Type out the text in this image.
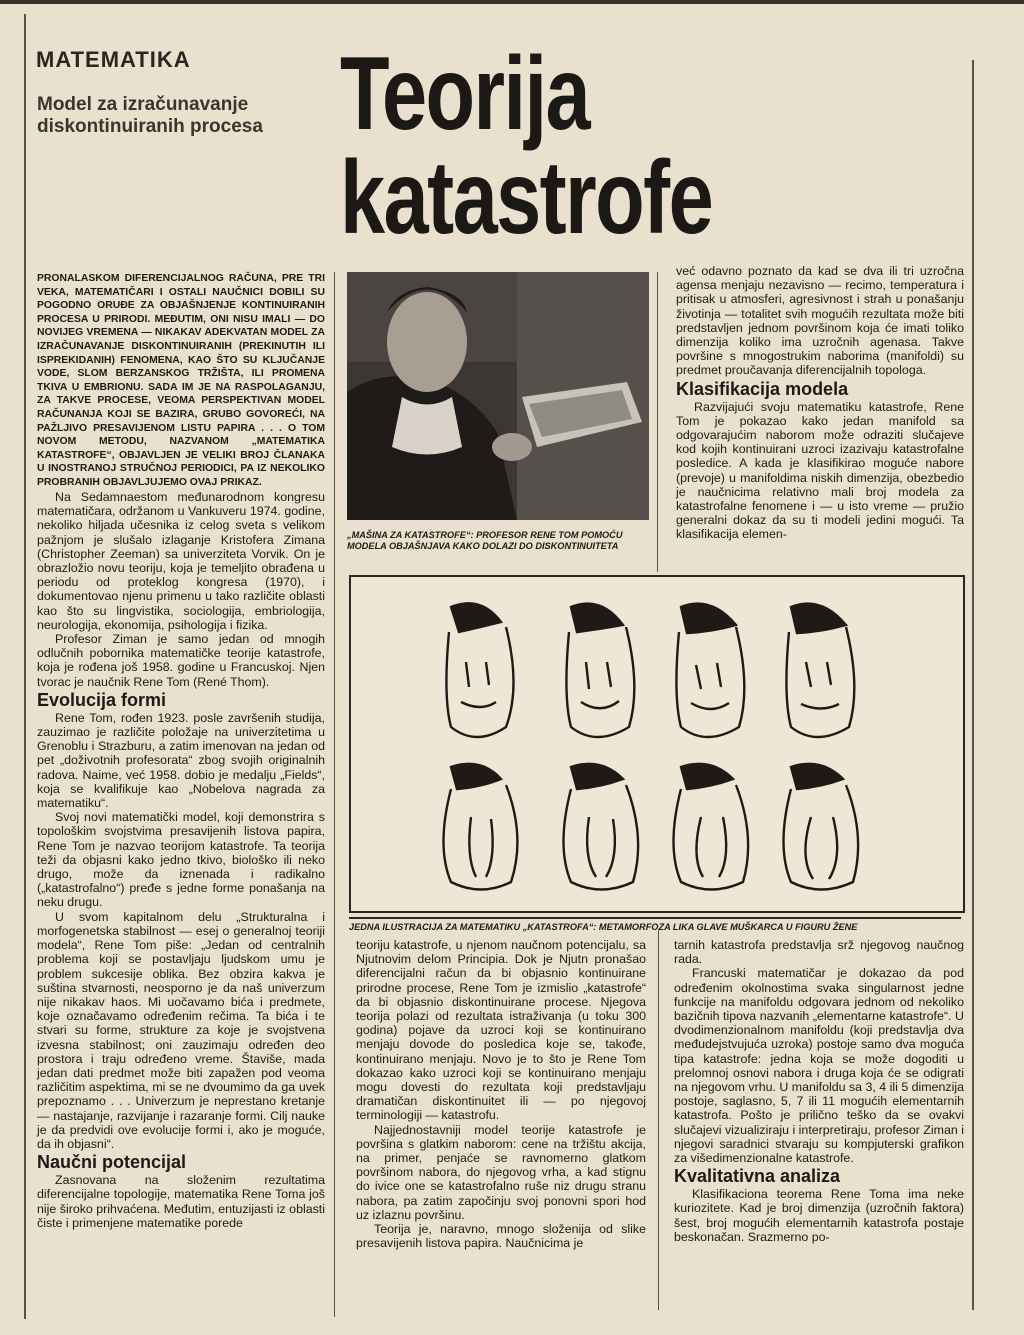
MATEMATIKA
Model za izračunavanje diskontinuiranih procesa Teorija
katastrofe
PRONALASKOM DIFERENCIJALNOG RAČUNA, PRE TRI VEKA, MATEMATIČARI I OSTALI NAUČNICI DOBILI SU POGODNO ORUĐE ZA OBJAŠNJENJE KONTINUIRANIH PROCESA U PRIRODI. MEĐUTIM, ONI NISU IMALI — DO NOVIJEG VREMENA — NIKAKAV ADEKVATAN MODEL ZA IZRAČUNAVANJE DISKONTINUIRANIH (PREKINUTIH ILI ISPREKIDANIH) FENOMENA, KAO ŠTO SU KLJUČANJE VODE, SLOM BERZANSKOG TRŽIŠTA, ILI PROMENA TKIVA U EMBRIONU. SADA IM JE NA RASPOLAGANJU, ZA TAKVE PROCESE, VEOMA PERSPEKTIVAN MODEL RAČUNANJA KOJI SE BAZIRA, GRUBO GOVOREĆI, NA PAŽLJIVO PRESAVIJENOM LISTU PAPIRA . . . O TOM NOVOM METODU, NAZVANOM „MATEMATIKA KATASTROFE“, OBJAVLJEN JE VELIKI BROJ ČLANAKA U INOSTRANOJ STRUČNOJ PERIODICI, PA IZ NEKOLIKO PROBRANIH OBJAVLJUJEMO OVAJ PRIKAZ.

Na Sedamnaestom međunarodnom kongresu matematičara, održanom u Vankuveru 1974. godine, nekoliko hiljada učesnika iz celog sveta s velikom pažnjom je slušalo izlaganje Kristofera Zimana (Christopher Zeeman) sa univerziteta Vorvik. On je obrazložio novu teoriju, koja je temeljito obrađena u periodu od proteklog kongresa (1970), i dokumentovao njenu primenu u tako različite oblasti kao što su lingvistika, sociologija, embriologija, neurologija, ekonomija, psihologija i fizika.

Profesor Ziman je samo jedan od mnogih odlučnih pobornika matematičke teorije katastrofe, koja je rođena još 1958. godine u Francuskoj. Njen tvorac je naučnik Rene Tom (René Thom).

Evolucija formi

Rene Tom, rođen 1923. posle završenih studija, zauzimao je različite položaje na univerzitetima u Grenoblu i Strazburu, a zatim imenovan na jedan od pet „doživotnih profesorata“ zbog svojih originalnih radova. Naime, već 1958. dobio je medalju „Fields“, koja se kvalifikuje kao „Nobelova nagrada za matematiku“.

Svoj novi matematički model, koji demonstrira s topološkim svojstvima presavijenih listova papira, Rene Tom je nazvao teorijom katastrofe. Ta teorija teži da objasni kako jedno tkivo, biološko ili neko drugo, može da iznenada i radikalno („katastrofalno“) pređe s jedne forme ponašanja na neku drugu.

U svom kapitalnom delu „Strukturalna i morfogenetska stabilnost — esej o generalnoj teoriji modela“, Rene Tom piše: „Jedan od centralnih problema koji se postavljaju ljudskom umu je problem sukcesije oblika. Bez obzira kakva je suština stvarnosti, neosporno je da naš univerzum nije nikakav haos. Mi uočavamo bića i predmete, koje označavamo određenim rečima. Ta bića i te stvari su forme, strukture za koje je svojstvena izvesna stabilnost; oni zauzimaju određen deo prostora i traju određeno vreme. Štaviše, mada jedan dati predmet može biti zapažen pod veoma različitim aspektima, mi se ne dvoumimo da ga uvek prepoznamo . . . Univerzum je neprestano kretanje — nastajanje, razvijanje i razaranje formi. Cilj nauke je da predvidi ove evolucije formi i, ako je moguće, da ih objasni“.

Naučni potencijal

Zasnovana na složenim rezultatima diferencijalne topologije, matematika Rene Toma još nije široko prihvaćena. Međutim, entuzijasti iz oblasti čiste i primenjene matematike porede

„MAŠINA ZA KATASTROFE“: PROFESOR RENE TOM POMOĆU MODELA OBJAŠNJAVA KAKO DOLAZI DO DISKONTINUITETA

već odavno poznato da kad se dva ili tri uzročna agensa menjaju nezavisno — recimo, temperatura i pritisak u atmosferi, agresivnost i strah u ponašanju životinja — totalitet svih mogućih rezultata može biti predstavljen jednom površinom koja će imati toliko dimenzija koliko ima uzročnih agenasa. Takve površine s mnogostrukim naborima (manifoldi) su predmet proučavanja diferencijalnih topologa.

Klasifikacija modela

Razvijajući svoju matematiku katastrofe, Rene Tom je pokazao kako jedan manifold sa odgovarajućim naborom može odraziti slučajeve kod kojih kontinuirani uzroci izazivaju katastrofalne posledice. A kada je klasifikirao moguće nabore (prevoje) u manifoldima niskih dimenzija, obezbedio je naučnicima relativno mali broj modela za katastrofalne fenomene i — u isto vreme — pružio generalni dokaz da su ti modeli jedini mogući. Ta klasifikacija elemen-

JEDNA ILUSTRACIJA ZA MATEMATIKU „KATASTROFA“: METAMORFOZA LIKA GLAVE MUŠKARCA U FIGURU ŽENE

teoriju katastrofe, u njenom naučnom potencijalu, sa Njutnovim delom Principia. Dok je Njutn pronašao diferencijalni račun da bi objasnio kontinuirane prirodne procese, Rene Tom je izmislio „katastrofe“ da bi objasnio diskontinuirane procese. Njegova teorija polazi od rezultata istraživanja (u toku 300 godina) pojave da uzroci koji se kontinuirano menjaju dovode do posledica koje se, takođe, kontinuirano menjaju. Novo je to što je Rene Tom dokazao kako uzroci koji se kontinuirano menjaju mogu dovesti do rezultata koji predstavljaju dramatičan diskontinuitet ili — po njegovoj terminologiji — katastrofu.

Najjednostavniji model teorije katastrofe je površina s glatkim naborom: cene na tržištu akcija, na primer, penjaće se ravnomerno glatkom površinom nabora, do njegovog vrha, a kad stignu do ivice one se katastrofalno ruše niz drugu stranu nabora, pa zatim započinju svoj ponovni spori hod uz izlaznu površinu.

Teorija je, naravno, mnogo složenija od slike presavijenih listova papira. Naučnicima je

tarnih katastrofa predstavlja srž njegovog naučnog rada.

Francuski matematičar je dokazao da pod određenim okolnostima svaka singularnost jedne funkcije na manifoldu odgovara jednom od nekoliko bazičnih tipova nazvanih „elementarne katastrofe“. U dvodimenzionalnom manifoldu (koji predstavlja dva međudejstvujuća uzroka) postoje samo dva moguća tipa katastrofe: jedna koja se može dogoditi u prelomnoj osnovi nabora i druga koja će se odigrati na njegovom vrhu. U manifoldu sa 3, 4 ili 5 dimenzija postoje, saglasno, 5, 7 ili 11 mogućih elementarnih katastrofa. Pošto je prilično teško da se ovakvi slučajevi vizualiziraju i interpretiraju, profesor Ziman i njegovi saradnici stvaraju su kompjuterski grafikon za višedimenzionalne katastrofe.

Kvalitativna analiza

Klasifikaciona teorema Rene Toma ima neke kuriozitete. Kad je broj dimenzija (uzročnih faktora) šest, broj mogućih elementarnih katastrofa postaje beskonačan. Srazmerno po-
